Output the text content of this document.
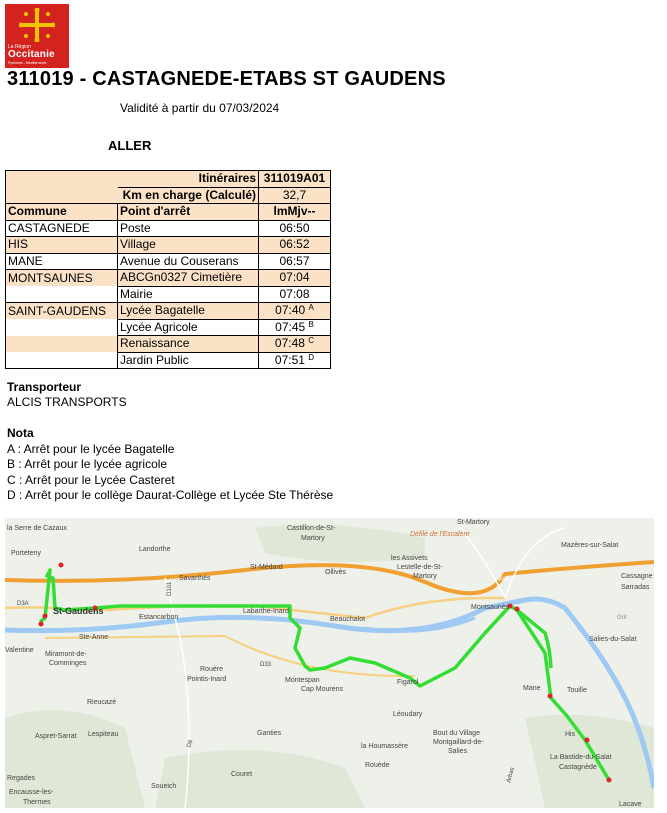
La Région
Occitanie
Pyrénées - Méditerranée
311019 - CASTAGNEDE-ETABS ST GAUDENS
Validité à partir du 07/03/2024
ALLER
	Itinéraires	311019A01
	Km en charge (Calculé)	32,7
Commune	Point d'arrêt	lmMjv--
CASTAGNEDE	Poste	06:50
HIS	Village	06:52
MANE	Avenue du Couserans	06:57
MONTSAUNES	ABCGn0327 Cimetière	07:04
	Mairie	07:08
SAINT-GAUDENS	Lycée Bagatelle	07:40 $^A$
	Lycée Agricole	07:45 $^B$
	Renaissance	07:48 $^C$
	Jardin Public	07:51 $^D$
Transporteur
ALCIS TRANSPORTS
Nota
A : Arrêt pour le lycée Bagatelle
B : Arrêt pour le lycée agricole
C : Arrêt pour le Lycée Casteret
D : Arrêt pour le collège Daurat-Collège et Lycée Ste Thérèse
la Serre de Cazaux
Porteteny
Landorthe
Castillon-de-St-
Martory
St-Martory
Défilé de l'Escalère
Mazères-sur-Salat
les Assivets
Lestelle-de-St-
Martory
St-Médard
Ollivès
Savarthès
D101
Labarthe-Inard
Estancarbon	Beauchalot
A64
Montsaunès
Cassagne
Sarradas
St-Gaudens
D3A
Ste-Anne
Valentine
Miramont-de-
Comminges
Salies-du-Salat
Grit
Rouère
Pointis-Inard
D33
Montespan
Cap Mourens
Figarol
Mane	Touille
Rieucazé
Léoudary
Aspret-Sarrat Lespiteau	Ganties	Bout du Village
Montgaillard-de-
Salies
la Houmassère
Rouède
His
La Bastide-du-Salat
Castagnède
D8
Regades
Encausse-les-
Thermes
Soueich
Couret	Arbas
Lacave
